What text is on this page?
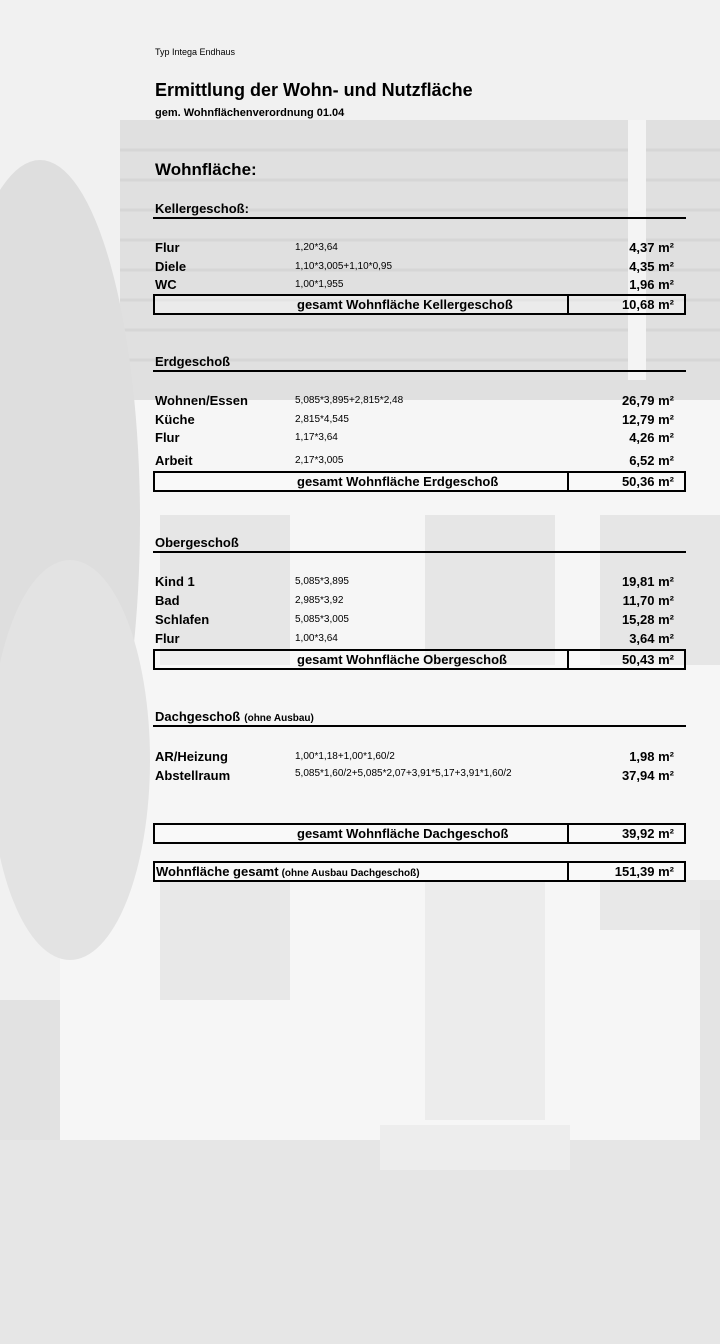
Typ Intega Endhaus
Ermittlung der Wohn- und Nutzfläche
gem. Wohnflächenverordnung 01.04
Wohnfläche:
Kellergeschoß:
Flur	1,20*3,64	4,37 m²
Diele	1,10*3,005+1,10*0,95	4,35 m²
WC	1,00*1,955	1,96 m²
gesamt Wohnfläche Kellergeschoß	10,68 m²
Erdgeschoß
Wohnen/Essen	5,085*3,895+2,815*2,48	26,79 m²
Küche	2,815*4,545	12,79 m²
Flur	1,17*3,64	4,26 m²
Arbeit	2,17*3,005	6,52 m²
gesamt Wohnfläche Erdgeschoß	50,36 m²
Obergeschoß
Kind 1	5,085*3,895	19,81 m²
Bad	2,985*3,92	11,70 m²
Schlafen	5,085*3,005	15,28 m²
Flur	1,00*3,64	3,64 m²
gesamt Wohnfläche Obergeschoß	50,43 m²
Dachgeschoß (ohne Ausbau)
AR/Heizung	1,00*1,18+1,00*1,60/2	1,98 m²
Abstellraum	5,085*1,60/2+5,085*2,07+3,91*5,17+3,91*1,60/2	37,94 m²
gesamt Wohnfläche Dachgeschoß	39,92 m²
Wohnfläche gesamt (ohne Ausbau Dachgeschoß)	151,39 m²
